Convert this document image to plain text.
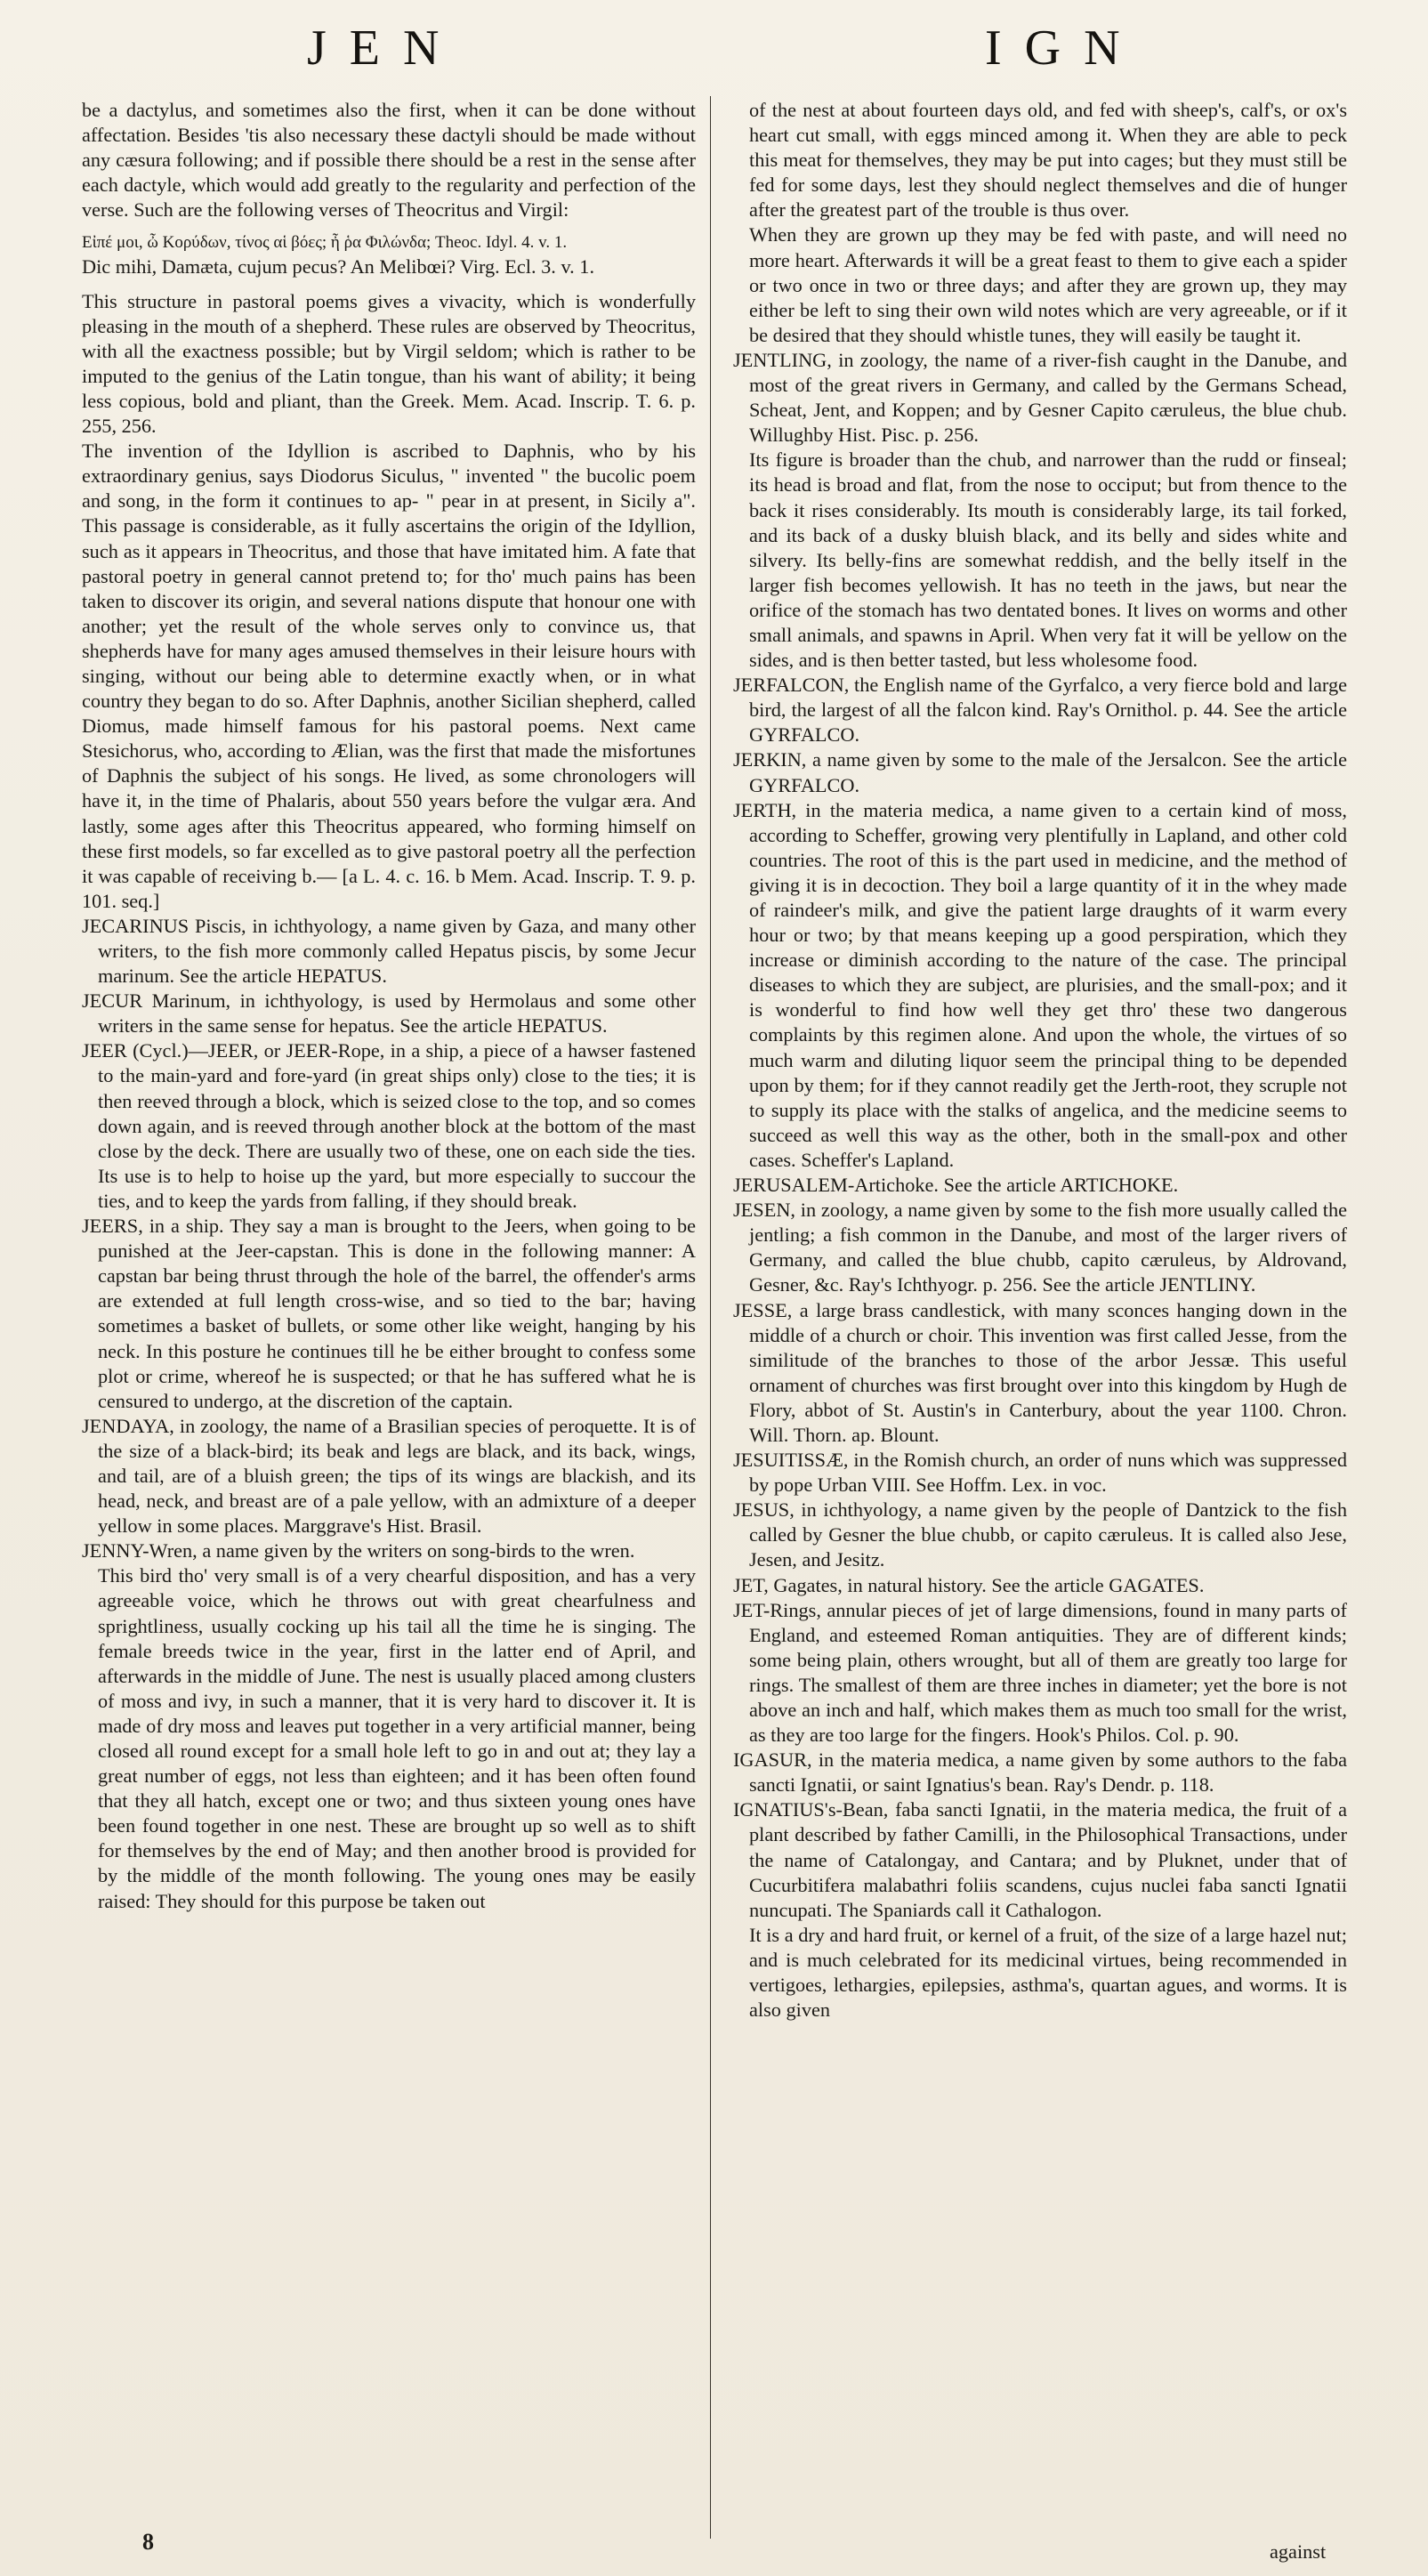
JEN	IGN

be a dactylus, and sometimes also the first, when it can be done without affectation. Besides 'tis also necessary these dactyli should be made without any cæsura following; and if possible there should be a rest in the sense after each dactyle, which would add greatly to the regularity and perfection of the verse. Such are the following verses of Theocritus and Virgil:

Εἰπέ μοι, ὦ Κορύδων, τίνος αἱ βόες; ἦ ῥα Φιλώνδα; Theoc. Idyl. 4. v. 1.

Dic mihi, Damæta, cujum pecus? An Melibœi? Virg. Ecl. 3. v. 1.

This structure in pastoral poems gives a vivacity, which is wonderfully pleasing in the mouth of a shepherd. These rules are observed by Theocritus, with all the exactness possible; but by Virgil seldom; which is rather to be imputed to the genius of the Latin tongue, than his want of ability; it being less copious, bold and pliant, than the Greek. Mem. Acad. Inscrip. T. 6. p. 255, 256.

The invention of the Idyllion is ascribed to Daphnis, who by his extraordinary genius, says Diodorus Siculus, " invented " the bucolic poem and song, in the form it continues to ap- " pear in at present, in Sicily a". This passage is considerable, as it fully ascertains the origin of the Idyllion, such as it appears in Theocritus, and those that have imitated him. A fate that pastoral poetry in general cannot pretend to; for tho' much pains has been taken to discover its origin, and several nations dispute that honour one with another; yet the result of the whole serves only to convince us, that shepherds have for many ages amused themselves in their leisure hours with singing, without our being able to determine exactly when, or in what country they began to do so. After Daphnis, another Sicilian shepherd, called Diomus, made himself famous for his pastoral poems. Next came Stesichorus, who, according to Ælian, was the first that made the misfortunes of Daphnis the subject of his songs. He lived, as some chronologers will have it, in the time of Phalaris, about 550 years before the vulgar æra. And lastly, some ages after this Theocritus appeared, who forming himself on these first models, so far excelled as to give pastoral poetry all the perfection it was capable of receiving b.— [a L. 4. c. 16. b Mem. Acad. Inscrip. T. 9. p. 101. seq.]

JECARINUS Piscis, in ichthyology, a name given by Gaza, and many other writers, to the fish more commonly called Hepatus piscis, by some Jecur marinum. See the article HEPATUS.

JECUR Marinum, in ichthyology, is used by Hermolaus and some other writers in the same sense for hepatus. See the article HEPATUS.

JEER (Cycl.)—JEER, or JEER-Rope, in a ship, a piece of a hawser fastened to the main-yard and fore-yard (in great ships only) close to the ties; it is then reeved through a block, which is seized close to the top, and so comes down again, and is reeved through another block at the bottom of the mast close by the deck. There are usually two of these, one on each side the ties. Its use is to help to hoise up the yard, but more especially to succour the ties, and to keep the yards from falling, if they should break.

JEERS, in a ship. They say a man is brought to the Jeers, when going to be punished at the Jeer-capstan. This is done in the following manner: A capstan bar being thrust through the hole of the barrel, the offender's arms are extended at full length cross-wise, and so tied to the bar; having sometimes a basket of bullets, or some other like weight, hanging by his neck. In this posture he continues till he be either brought to confess some plot or crime, whereof he is suspected; or that he has suffered what he is censured to undergo, at the discretion of the captain.

JENDAYA, in zoology, the name of a Brasilian species of peroquette. It is of the size of a black-bird; its beak and legs are black, and its back, wings, and tail, are of a bluish green; the tips of its wings are blackish, and its head, neck, and breast are of a pale yellow, with an admixture of a deeper yellow in some places. Marggrave's Hist. Brasil.

JENNY-Wren, a name given by the writers on song-birds to the wren.

This bird tho' very small is of a very chearful disposition, and has a very agreeable voice, which he throws out with great chearfulness and sprightliness, usually cocking up his tail all the time he is singing. The female breeds twice in the year, first in the latter end of April, and afterwards in the middle of June. The nest is usually placed among clusters of moss and ivy, in such a manner, that it is very hard to discover it. It is made of dry moss and leaves put together in a very artificial manner, being closed all round except for a small hole left to go in and out at; they lay a great number of eggs, not less than eighteen; and it has been often found that they all hatch, except one or two; and thus sixteen young ones have been found together in one nest. These are brought up so well as to shift for themselves by the end of May; and then another brood is provided for by the middle of the month following. The young ones may be easily raised: They should for this purpose be taken out

of the nest at about fourteen days old, and fed with sheep's, calf's, or ox's heart cut small, with eggs minced among it. When they are able to peck this meat for themselves, they may be put into cages; but they must still be fed for some days, lest they should neglect themselves and die of hunger after the greatest part of the trouble is thus over.

When they are grown up they may be fed with paste, and will need no more heart. Afterwards it will be a great feast to them to give each a spider or two once in two or three days; and after they are grown up, they may either be left to sing their own wild notes which are very agreeable, or if it be desired that they should whistle tunes, they will easily be taught it.

JENTLING, in zoology, the name of a river-fish caught in the Danube, and most of the great rivers in Germany, and called by the Germans Schead, Scheat, Jent, and Koppen; and by Gesner Capito cæruleus, the blue chub. Willughby Hist. Pisc. p. 256.

Its figure is broader than the chub, and narrower than the rudd or finseal; its head is broad and flat, from the nose to occiput; but from thence to the back it rises considerably. Its mouth is considerably large, its tail forked, and its back of a dusky bluish black, and its belly and sides white and silvery. Its belly-fins are somewhat reddish, and the belly itself in the larger fish becomes yellowish. It has no teeth in the jaws, but near the orifice of the stomach has two dentated bones. It lives on worms and other small animals, and spawns in April. When very fat it will be yellow on the sides, and is then better tasted, but less wholesome food.

JERFALCON, the English name of the Gyrfalco, a very fierce bold and large bird, the largest of all the falcon kind. Ray's Ornithol. p. 44. See the article GYRFALCO.

JERKIN, a name given by some to the male of the Jersalcon. See the article GYRFALCO.

JERTH, in the materia medica, a name given to a certain kind of moss, according to Scheffer, growing very plentifully in Lapland, and other cold countries. The root of this is the part used in medicine, and the method of giving it is in decoction. They boil a large quantity of it in the whey made of raindeer's milk, and give the patient large draughts of it warm every hour or two; by that means keeping up a good perspiration, which they increase or diminish according to the nature of the case. The principal diseases to which they are subject, are plurisies, and the small-pox; and it is wonderful to find how well they get thro' these two dangerous complaints by this regimen alone. And upon the whole, the virtues of so much warm and diluting liquor seem the principal thing to be depended upon by them; for if they cannot readily get the Jerth-root, they scruple not to supply its place with the stalks of angelica, and the medicine seems to succeed as well this way as the other, both in the small-pox and other cases. Scheffer's Lapland.

JERUSALEM-Artichoke. See the article ARTICHOKE.

JESEN, in zoology, a name given by some to the fish more usually called the jentling; a fish common in the Danube, and most of the larger rivers of Germany, and called the blue chubb, capito cæruleus, by Aldrovand, Gesner, &c. Ray's Ichthyogr. p. 256. See the article JENTLINY.

JESSE, a large brass candlestick, with many sconces hanging down in the middle of a church or choir. This invention was first called Jesse, from the similitude of the branches to those of the arbor Jessæ. This useful ornament of churches was first brought over into this kingdom by Hugh de Flory, abbot of St. Austin's in Canterbury, about the year 1100. Chron. Will. Thorn. ap. Blount.

JESUITISSÆ, in the Romish church, an order of nuns which was suppressed by pope Urban VIII. See Hoffm. Lex. in voc.

JESUS, in ichthyology, a name given by the people of Dantzick to the fish called by Gesner the blue chubb, or capito cæruleus. It is called also Jese, Jesen, and Jesitz.

JET, Gagates, in natural history. See the article GAGATES.

JET-Rings, annular pieces of jet of large dimensions, found in many parts of England, and esteemed Roman antiquities. They are of different kinds; some being plain, others wrought, but all of them are greatly too large for rings. The smallest of them are three inches in diameter; yet the bore is not above an inch and half, which makes them as much too small for the wrist, as they are too large for the fingers. Hook's Philos. Col. p. 90.

IGASUR, in the materia medica, a name given by some authors to the faba sancti Ignatii, or saint Ignatius's bean. Ray's Dendr. p. 118.

IGNATIUS's-Bean, faba sancti Ignatii, in the materia medica, the fruit of a plant described by father Camilli, in the Philosophical Transactions, under the name of Catalongay, and Cantara; and by Pluknet, under that of Cucurbitifera malabathri foliis scandens, cujus nuclei faba sancti Ignatii nuncupati. The Spaniards call it Cathalogon.

It is a dry and hard fruit, or kernel of a fruit, of the size of a large hazel nut; and is much celebrated for its medicinal virtues, being recommended in vertigoes, lethargies, epilepsies, asthma's, quartan agues, and worms. It is also given

8	against
